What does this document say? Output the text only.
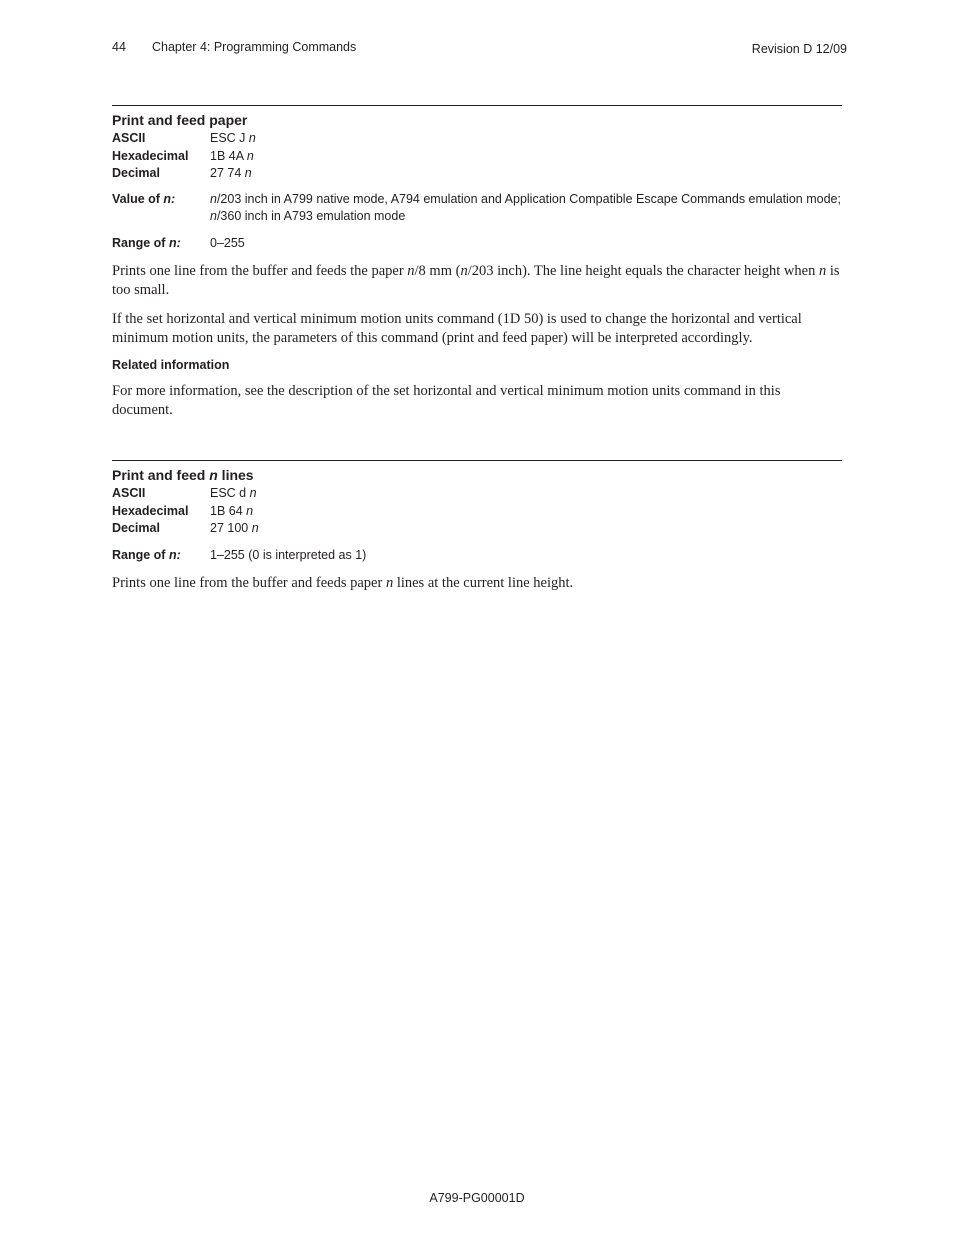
44 Chapter 4: Programming Commands	Revision D 12/09
Print and feed paper
ASCII	ESC J n
Hexadecimal	1B 4A n
Decimal	27 74 n
Value of n:	n/203 inch in A799 native mode, A794 emulation and Application Compatible Escape Commands emulation mode; n/360 inch in A793 emulation mode
Range of n:	0–255

Prints one line from the buffer and feeds the paper n/8 mm (n/203 inch). The line height equals the character height when n is too small.

If the set horizontal and vertical minimum motion units command (1D 50) is used to change the horizontal and vertical minimum motion units, the parameters of this command (print and feed paper) will be interpreted accordingly.

Related information

For more information, see the description of the set horizontal and vertical minimum motion units command in this document.

Print and feed n lines
ASCII	ESC d n
Hexadecimal	1B 64 n
Decimal	27 100 n
Range of n:	1–255 (0 is interpreted as 1)

Prints one line from the buffer and feeds paper n lines at the current line height.

A799-PG00001D
